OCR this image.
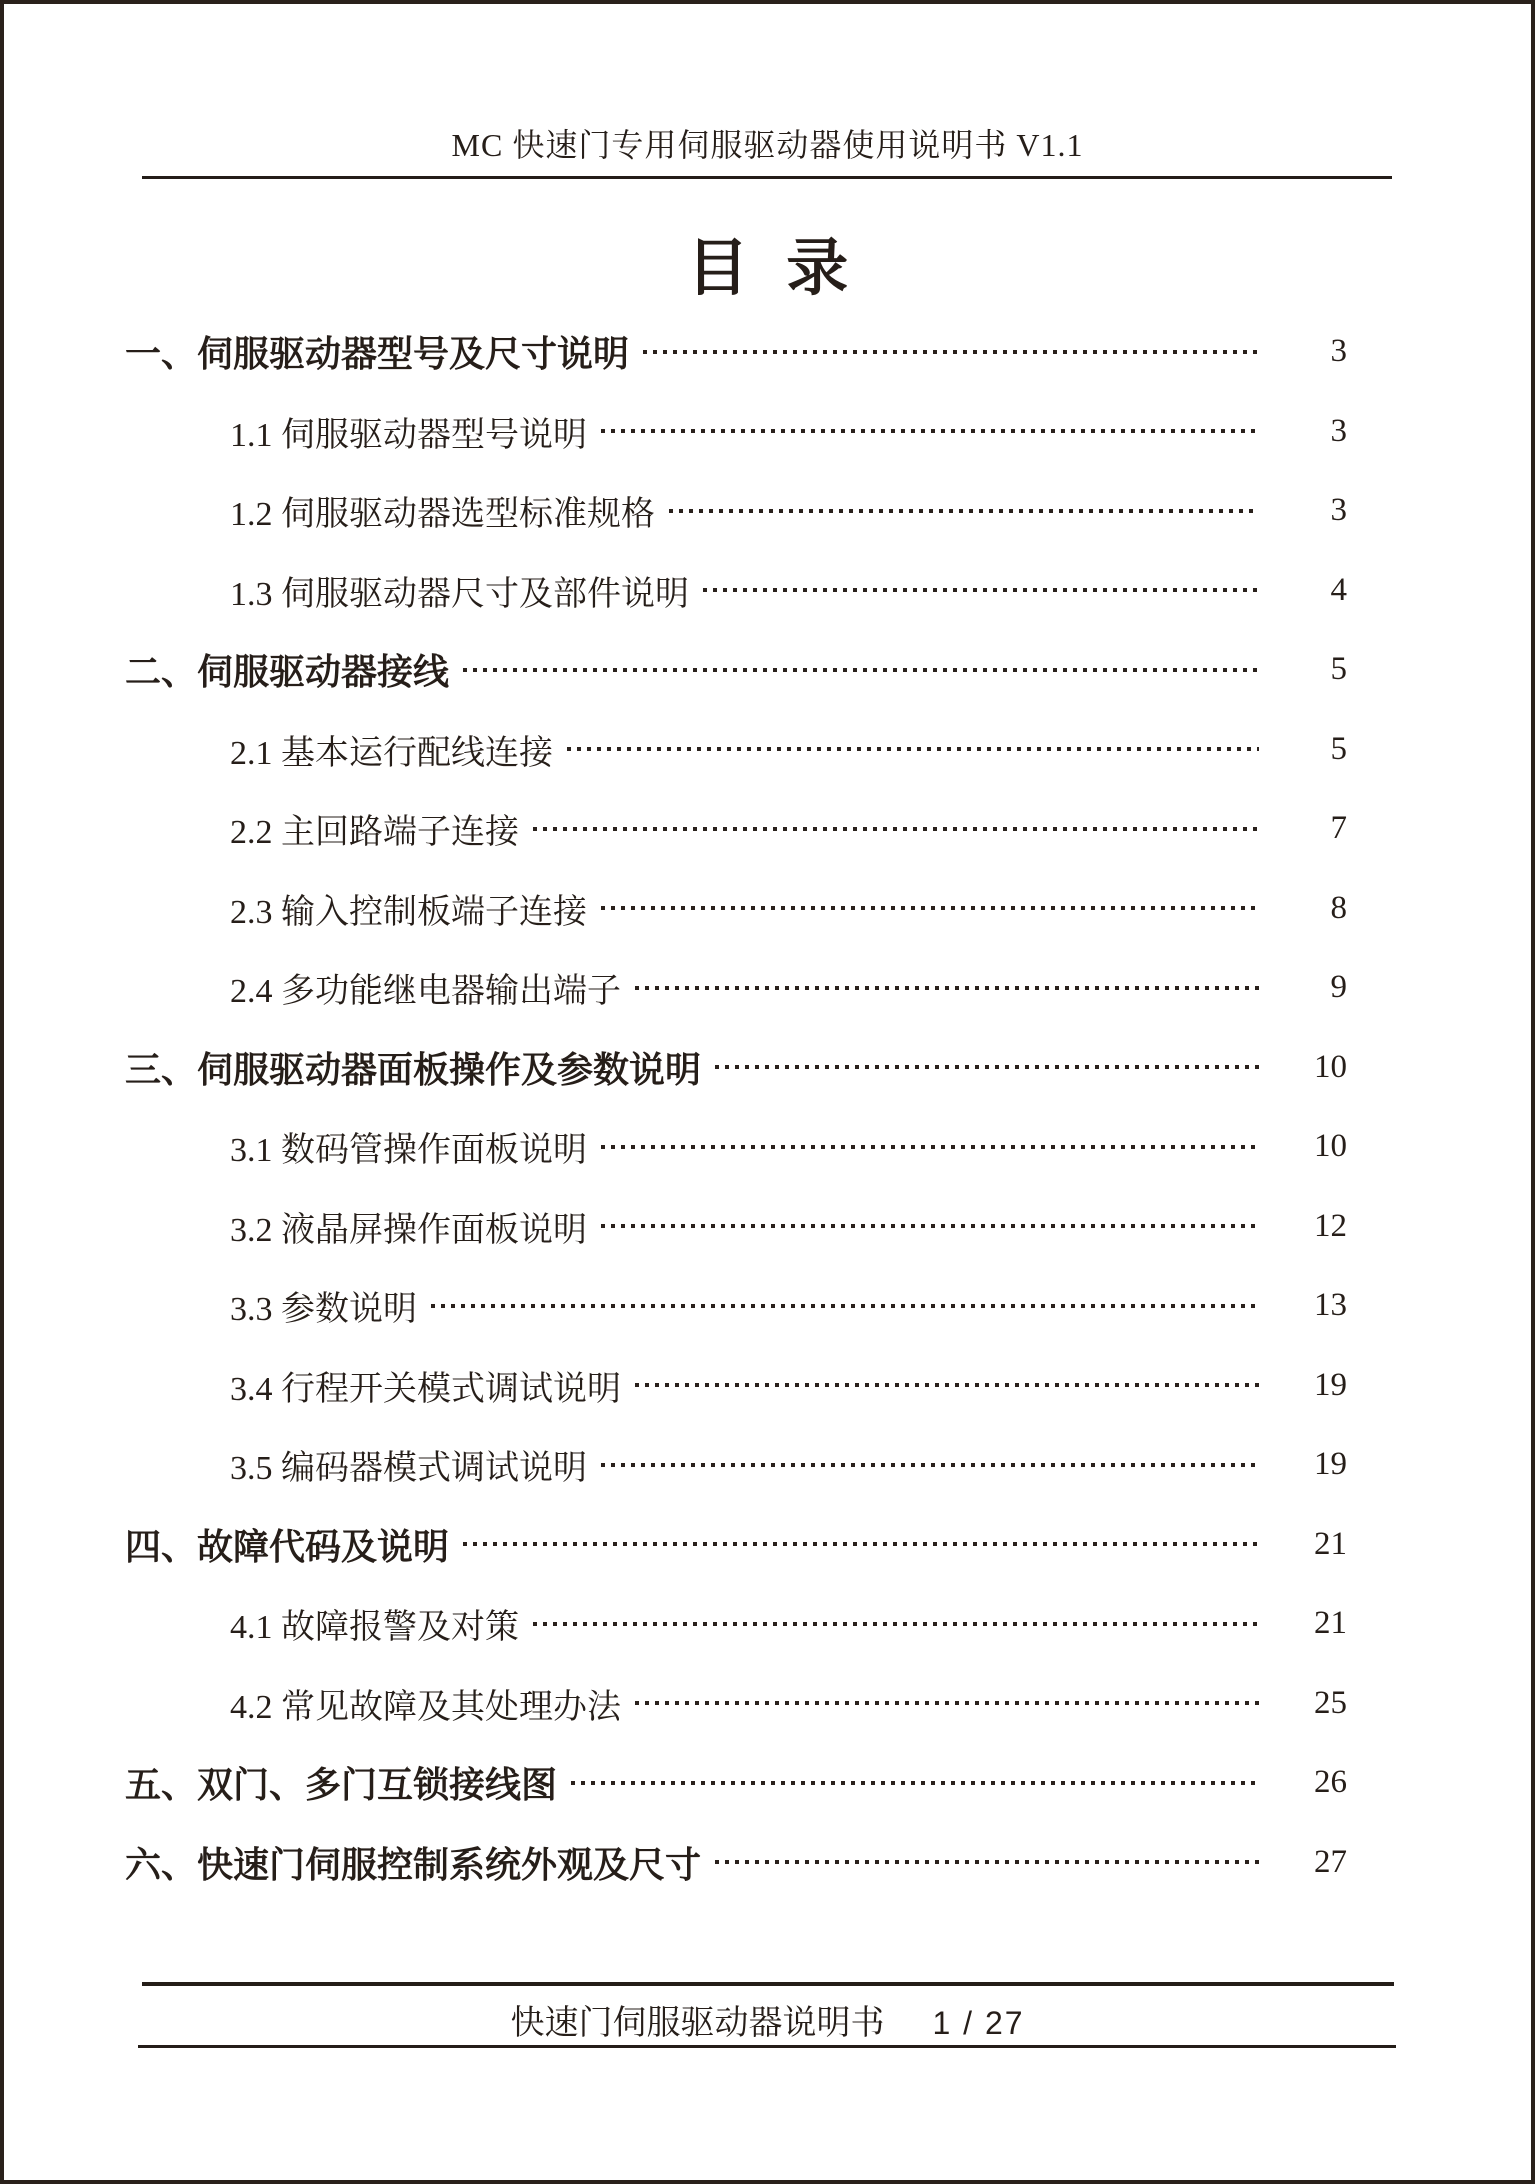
MC 快速门专用伺服驱动器使用说明书 V1.1
目 录
一、伺服驱动器型号及尺寸说明	3
1.1 伺服驱动器型号说明	3
1.2 伺服驱动器选型标准规格	3
1.3 伺服驱动器尺寸及部件说明	4
二、伺服驱动器接线	5
2.1 基本运行配线连接	5
2.2 主回路端子连接	7
2.3 输入控制板端子连接	8
2.4 多功能继电器输出端子	9
三、伺服驱动器面板操作及参数说明	10
3.1 数码管操作面板说明	10
3.2 液晶屏操作面板说明	12
3.3 参数说明	13
3.4 行程开关模式调试说明	19
3.5 编码器模式调试说明	19
四、故障代码及说明	21
4.1 故障报警及对策	21
4.2 常见故障及其处理办法	25
五、双门、多门互锁接线图	26
六、快速门伺服控制系统外观及尺寸	27
快速门伺服驱动器说明书 1 / 27
